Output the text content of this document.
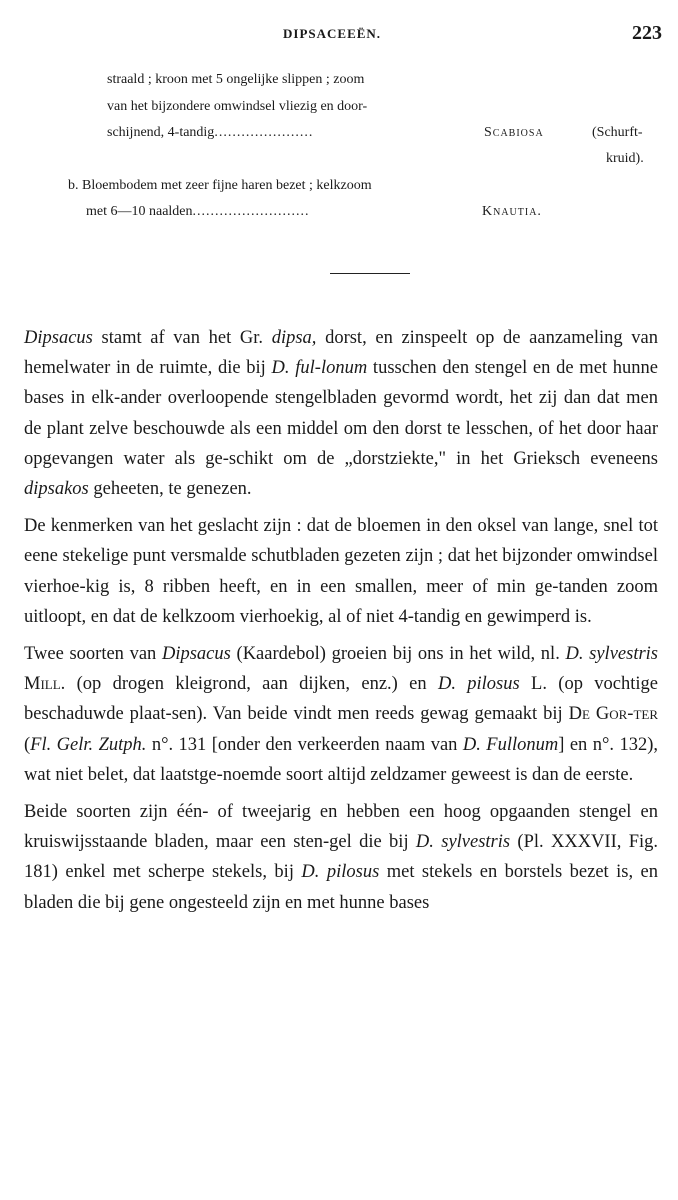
DIPSACEEËN.	223
straald ; kroon met 5 ongelijke slippen ; zoom
van het bijzondere omwindsel vliezig en door-
schijnend, 4-tandig......................	Scabiosa	(Schurft-
kruid).
b. Bloembodem met zeer fijne haren bezet ; kelkzoom
met 6—10 naalden..........................	Knautia.

Dipsacus stamt af van het Gr. dipsa, dorst, en zinspeelt op de aanzameling van hemelwater in de ruimte, die bij D. ful-lonum tusschen den stengel en de met hunne bases in elk-ander overloopende stengelbladen gevormd wordt, het zij dan dat men de plant zelve beschouwde als een middel om den dorst te lesschen, of het door haar opgevangen water als ge-schikt om de „dorstziekte," in het Grieksch eveneens dipsakos geheeten, te genezen.

De kenmerken van het geslacht zijn : dat de bloemen in den oksel van lange, snel tot eene stekelige punt versmalde schutbladen gezeten zijn ; dat het bijzonder omwindsel vierhoe-kig is, 8 ribben heeft, en in een smallen, meer of min ge-tanden zoom uitloopt, en dat de kelkzoom vierhoekig, al of niet 4-tandig en gewimperd is.

Twee soorten van Dipsacus (Kaardebol) groeien bij ons in het wild, nl. D. sylvestris Mill. (op drogen kleigrond, aan dijken, enz.) en D. pilosus L. (op vochtige beschaduwde plaat-sen). Van beide vindt men reeds gewag gemaakt bij De Gor-ter (Fl. Gelr. Zutph. n°. 131 [onder den verkeerden naam van D. Fullonum] en n°. 132), wat niet belet, dat laatstge-noemde soort altijd zeldzamer geweest is dan de eerste.

Beide soorten zijn één- of tweejarig en hebben een hoog opgaanden stengel en kruiswijsstaande bladen, maar een sten-gel die bij D. sylvestris (Pl. XXXVII, Fig. 181) enkel met scherpe stekels, bij D. pilosus met stekels en borstels bezet is, en bladen die bij gene ongesteeld zijn en met hunne bases
